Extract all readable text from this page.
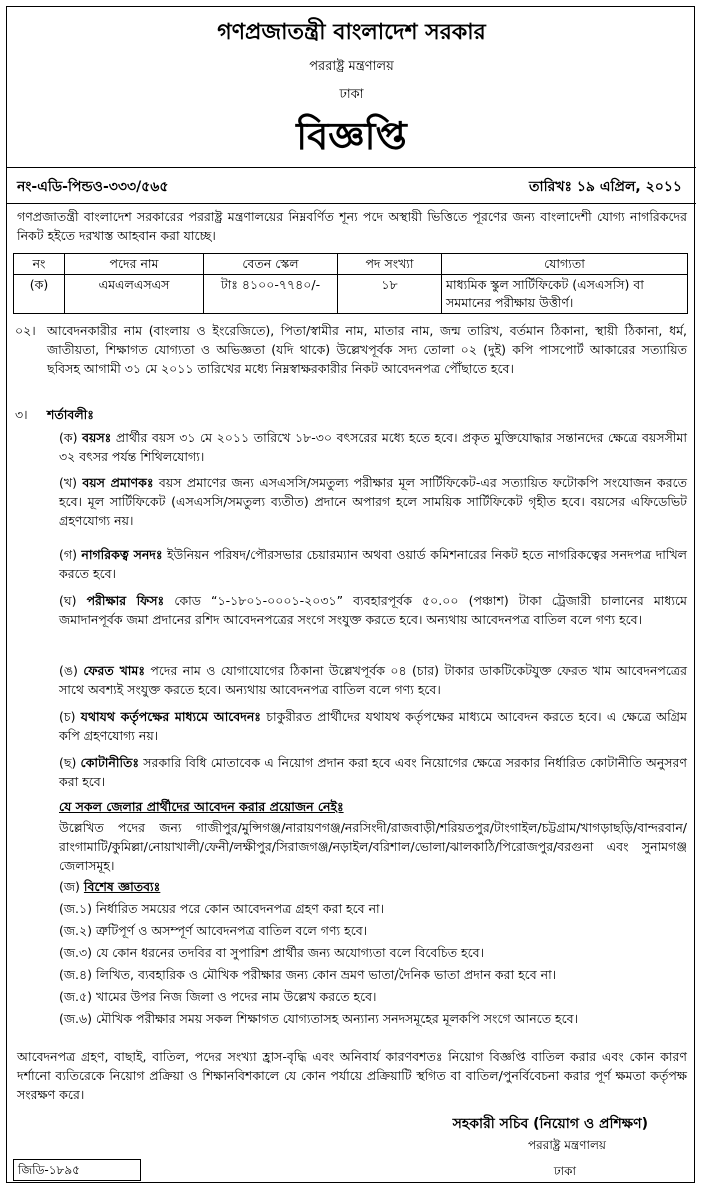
গণপ্রজাতন্ত্রী বাংলাদেশ সরকার
পররাষ্ট্র মন্ত্রণালয়
ঢাকা
বিজ্ঞপ্তি
নং-এডি-পিন্ডও-৩৩৩/৫৬৫	তারিখঃ ১৯ এপ্রিল, ২০১১
গণপ্রজাতন্ত্রী বাংলাদেশ সরকারের পররাষ্ট্র মন্ত্রণালয়ের নিম্নবর্ণিত শূন্য পদে অস্থায়ী ভিত্তিতে পূরণের জন্য বাংলাদেশী যোগ্য নাগরিকদের নিকট হইতে দরখাস্ত আহবান করা যাচ্ছে।
নং	পদের নাম	বেতন স্কেল	পদ সংখ্যা	যোগ্যতা
(ক)	এমএলএসএস	টাঃ ৪১০০-৭৭৪০/-	১৮	মাধ্যমিক স্কুল সার্টিফিকেট (এসএসসি) বা সমমানের পরীক্ষায় উত্তীর্ণ।
০২। আবেদনকারীর নাম (বাংলায় ও ইংরেজিতে), পিতা/স্বামীর নাম, মাতার নাম, জন্ম তারিখ, বর্তমান ঠিকানা, স্থায়ী ঠিকানা, ধর্ম, জাতীয়তা, শিক্ষাগত যোগ্যতা ও অভিজ্ঞতা (যদি থাকে) উল্লেখপূর্বক সদ্য তোলা ০২ (দুই) কপি পাসপোর্ট আকারের সত্যায়িত ছবিসহ আগামী ৩১ মে ২০১১ তারিখের মধ্যে নিম্নস্বাক্ষরকারীর নিকট আবেদনপত্র পৌঁছাতে হবে।
৩। শর্তাবলীঃ
(ক) বয়সঃ প্রার্থীর বয়স ৩১ মে ২০১১ তারিখে ১৮-৩০ বৎসরের মধ্যে হতে হবে। প্রকৃত মুক্তিযোদ্ধার সন্তানদের ক্ষেত্রে বয়সসীমা ৩২ বৎসর পর্যন্ত শিথিলযোগ্য।
(খ) বয়স প্রমাণকঃ বয়স প্রমাণের জন্য এসএসসি/সমতুল্য পরীক্ষার মূল সার্টিফিকেট-এর সত্যায়িত ফটোকপি সংযোজন করতে হবে। মূল সার্টিফিকেট (এসএসসি/সমতুল্য ব্যতীত) প্রদানে অপারগ হলে সাময়িক সার্টিফিকেট গৃহীত হবে। বয়সের এফিডেভিট গ্রহণযোগ্য নয়।
(গ) নাগরিকত্ব সনদঃ ইউনিয়ন পরিষদ/পৌরসভার চেয়ারম্যান অথবা ওয়ার্ড কমিশনারের নিকট হতে নাগরিকত্বের সনদপত্র দাখিল করতে হবে।
(ঘ) পরীক্ষার ফিসঃ কোড “১-১৮০১-০০০১-২০৩১” ব্যবহারপূর্বক ৫০.০০ (পঞ্চাশ) টাকা ট্রেজারী চালানের মাধ্যমে জমাদানপূর্বক জমা প্রদানের রশিদ আবেদনপত্রের সংগে সংযুক্ত করতে হবে। অন্যথায় আবেদনপত্র বাতিল বলে গণ্য হবে।
(ঙ) ফেরত খামঃ পদের নাম ও যোগাযোগের ঠিকানা উল্লেখপূর্বক ০৪ (চার) টাকার ডাকটিকেটযুক্ত ফেরত খাম আবেদনপত্রের সাথে অবশ্যই সংযুক্ত করতে হবে। অন্যথায় আবেদনপত্র বাতিল বলে গণ্য হবে।
(চ) যথাযথ কর্তৃপক্ষের মাধ্যমে আবেদনঃ চাকুরীরত প্রার্থীদের যথাযথ কর্তৃপক্ষের মাধ্যমে আবেদন করতে হবে। এ ক্ষেত্রে অগ্রিম কপি গ্রহণযোগ্য নয়।
(ছ) কোটানীতিঃ সরকারি বিধি মোতাবেক এ নিয়োগ প্রদান করা হবে এবং নিয়োগের ক্ষেত্রে সরকার নির্ধারিত কোটানীতি অনুসরণ করা হবে।
যে সকল জেলার প্রার্থীদের আবেদন করার প্রয়োজন নেইঃ
উল্লেখিত পদের জন্য গাজীপুর/মুন্সিগঞ্জ/নারায়ণগঞ্জ/নরসিংদী/রাজবাড়ী/শরিয়তপুর/টাংগাইল/চট্টগ্রাম/খাগড়াছড়ি/বান্দরবান/রাংগামাটি/কুমিল্লা/নোয়াখালী/ফেনী/লক্ষীপুর/সিরাজগঞ্জ/নড়াইল/বরিশাল/ভোলা/ঝালকাঠি/পিরোজপুর/বরগুনা এবং সুনামগঞ্জ জেলাসমূহ।
(জ) বিশেষ জ্ঞাতব্যঃ
(জ.১) নির্ধারিত সময়ের পরে কোন আবেদনপত্র গ্রহণ করা হবে না।
(জ.২) ত্রুটিপূর্ণ ও অসম্পূর্ণ আবেদনপত্র বাতিল বলে গণ্য হবে।
(জ.৩) যে কোন ধরনের তদবির বা সুপারিশ প্রার্থীর জন্য অযোগ্যতা বলে বিবেচিত হবে।
(জ.৪) লিখিত, ব্যবহারিক ও মৌখিক পরীক্ষার জন্য কোন ভ্রমণ ভাতা/দৈনিক ভাতা প্রদান করা হবে না।
(জ.৫) খামের উপর নিজ জিলা ও পদের নাম উল্লেখ করতে হবে।
(জ.৬) মৌখিক পরীক্ষার সময় সকল শিক্ষাগত যোগ্যতাসহ অন্যান্য সনদসমূহের মূলকপি সংগে আনতে হবে।
আবেদনপত্র গ্রহণ, বাছাই, বাতিল, পদের সংখ্যা হ্রাস-বৃদ্ধি এবং অনিবার্য কারণবশতঃ নিয়োগ বিজ্ঞপ্তি বাতিল করার এবং কোন কারণ দর্শানো ব্যতিরেকে নিয়োগ প্রক্রিয়া ও শিক্ষানবিশকালে যে কোন পর্যায়ে প্রক্রিয়াটি স্থগিত বা বাতিল/পুনর্বিবেচনা করার পূর্ণ ক্ষমতা কর্তৃপক্ষ সংরক্ষণ করে।
সহকারী সচিব (নিয়োগ ও প্রশিক্ষণ)
পররাষ্ট্র মন্ত্রণালয়
ঢাকা
জিডি-১৮৯৫
